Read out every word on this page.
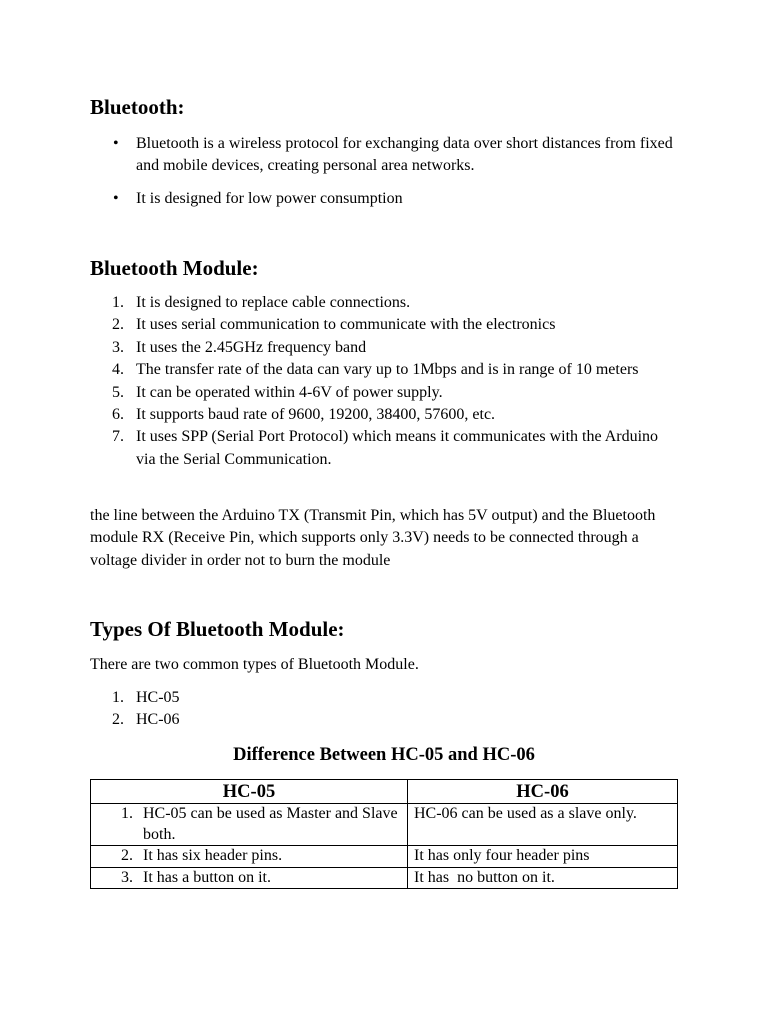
Bluetooth:
• Bluetooth is a wireless protocol for exchanging data over short distances from fixed and mobile devices, creating personal area networks.
• It is designed for low power consumption
Bluetooth Module:
1. It is designed to replace cable connections.
2. It uses serial communication to communicate with the electronics
3. It uses the 2.45GHz frequency band
4. The transfer rate of the data can vary up to 1Mbps and is in range of 10 meters
5. It can be operated within 4-6V of power supply.
6. It supports baud rate of 9600, 19200, 38400, 57600, etc.
7. It uses SPP (Serial Port Protocol) which means it communicates with the Arduino via the Serial Communication.
the line between the Arduino TX (Transmit Pin, which has 5V output) and the Bluetooth module RX (Receive Pin, which supports only 3.3V) needs to be connected through a voltage divider in order not to burn the module
Types Of Bluetooth Module:
There are two common types of Bluetooth Module.
1. HC-05
2. HC-06
Difference Between HC-05 and HC-06
HC-05	HC-06

1. HC-05 can be used as Master and Slave both.	HC-06 can be used as a slave only.

2. It has six header pins.	It has only four header pins

3. It has a button on it.	It has  no button on it.
